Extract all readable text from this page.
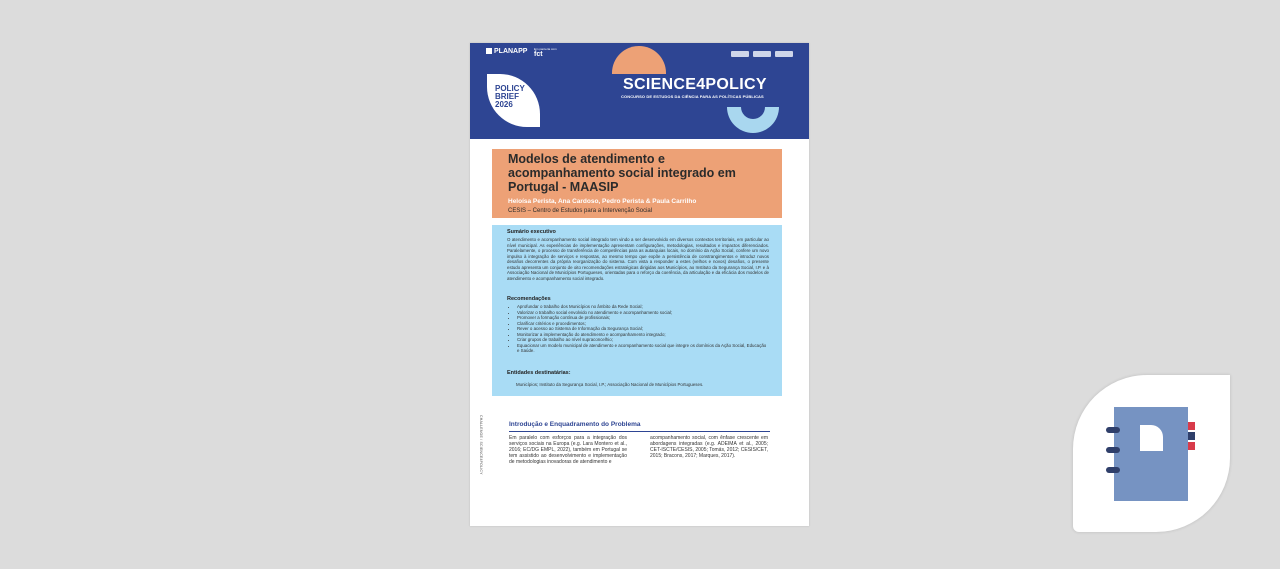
PLANAPP Em parceria com
fct
SCIENCE4POLICY
CONCURSO DE ESTUDOS DA CIÊNCIA PARA AS POLÍTICAS PÚBLICAS
POLICY
BRIEF
2026
Modelos de atendimento e acompanhamento social integrado em Portugal - MAASIP
Heloísa Perista, Ana Cardoso, Pedro Perista & Paula Carrilho
CESIS – Centro de Estudos para a Intervenção Social
Sumário executivo
O atendimento e acompanhamento social integrado tem vindo a ser desenvolvido em diversos contextos territoriais, em particular ao nível municipal. As experiências de implementação apresentam configurações, metodologias, resultados e impactos diferenciados. Paralelamente, o processo de transferência de competências para as autarquias locais, no domínio da Ação Social, confere um novo impulso à integração de serviços e respostas, ao mesmo tempo que expõe a persistência de constrangimentos e introduz novos desafios decorrentes da própria reorganização do sistema. Com vista a responder a estes (velhos e novos) desafios, o presente estudo apresenta um conjunto de oito recomendações estratégicas dirigidas aos Municípios, ao Instituto da Segurança Social, I.P. e à Associação Nacional de Municípios Portugueses, orientadas para o reforço da coerência, da articulação e da eficácia dos modelos de atendimento e acompanhamento social integrado.
Recomendações
• Aprofundar o trabalho dos Municípios no âmbito da Rede Social;
• Valorizar o trabalho social envolvido no atendimento e acompanhamento social;
• Promover a formação contínua de profissionais;
• Clarificar critérios e procedimentos;
• Rever o acesso ao Sistema de Informação da Segurança Social;
• Monitorizar a implementação do atendimento e acompanhamento integrado;
• Criar grupos de trabalho ao nível supraconcelhio;
• Equacionar um modelo municipal de atendimento e acompanhamento social que integre os domínios da Ação Social, Educação e Saúde.
Entidades destinatárias:
Municípios; Instituto da Segurança Social, I.P.; Associação Nacional de Municípios Portugueses.
CHALLENGE / SCIENCE4POLICY	Introdução e Enquadramento do Problema
Em paralelo com esforços para a integração dos serviços sociais na Europa (e.g. Lara Montero et al., 2016; EC/DG EMPL, 2022), também em Portugal se tem assistido ao desenvolvimento e implementação de metodologias inovadoras de atendimento e
acompanhamento social, com ênfase crescente em abordagens integradas (e.g. ADEIMA et al., 2005; CET-ISCTE/CESIS, 2005; Tomás, 2012; CESIS/CET, 2015; Bracons, 2017; Marques, 2017).
